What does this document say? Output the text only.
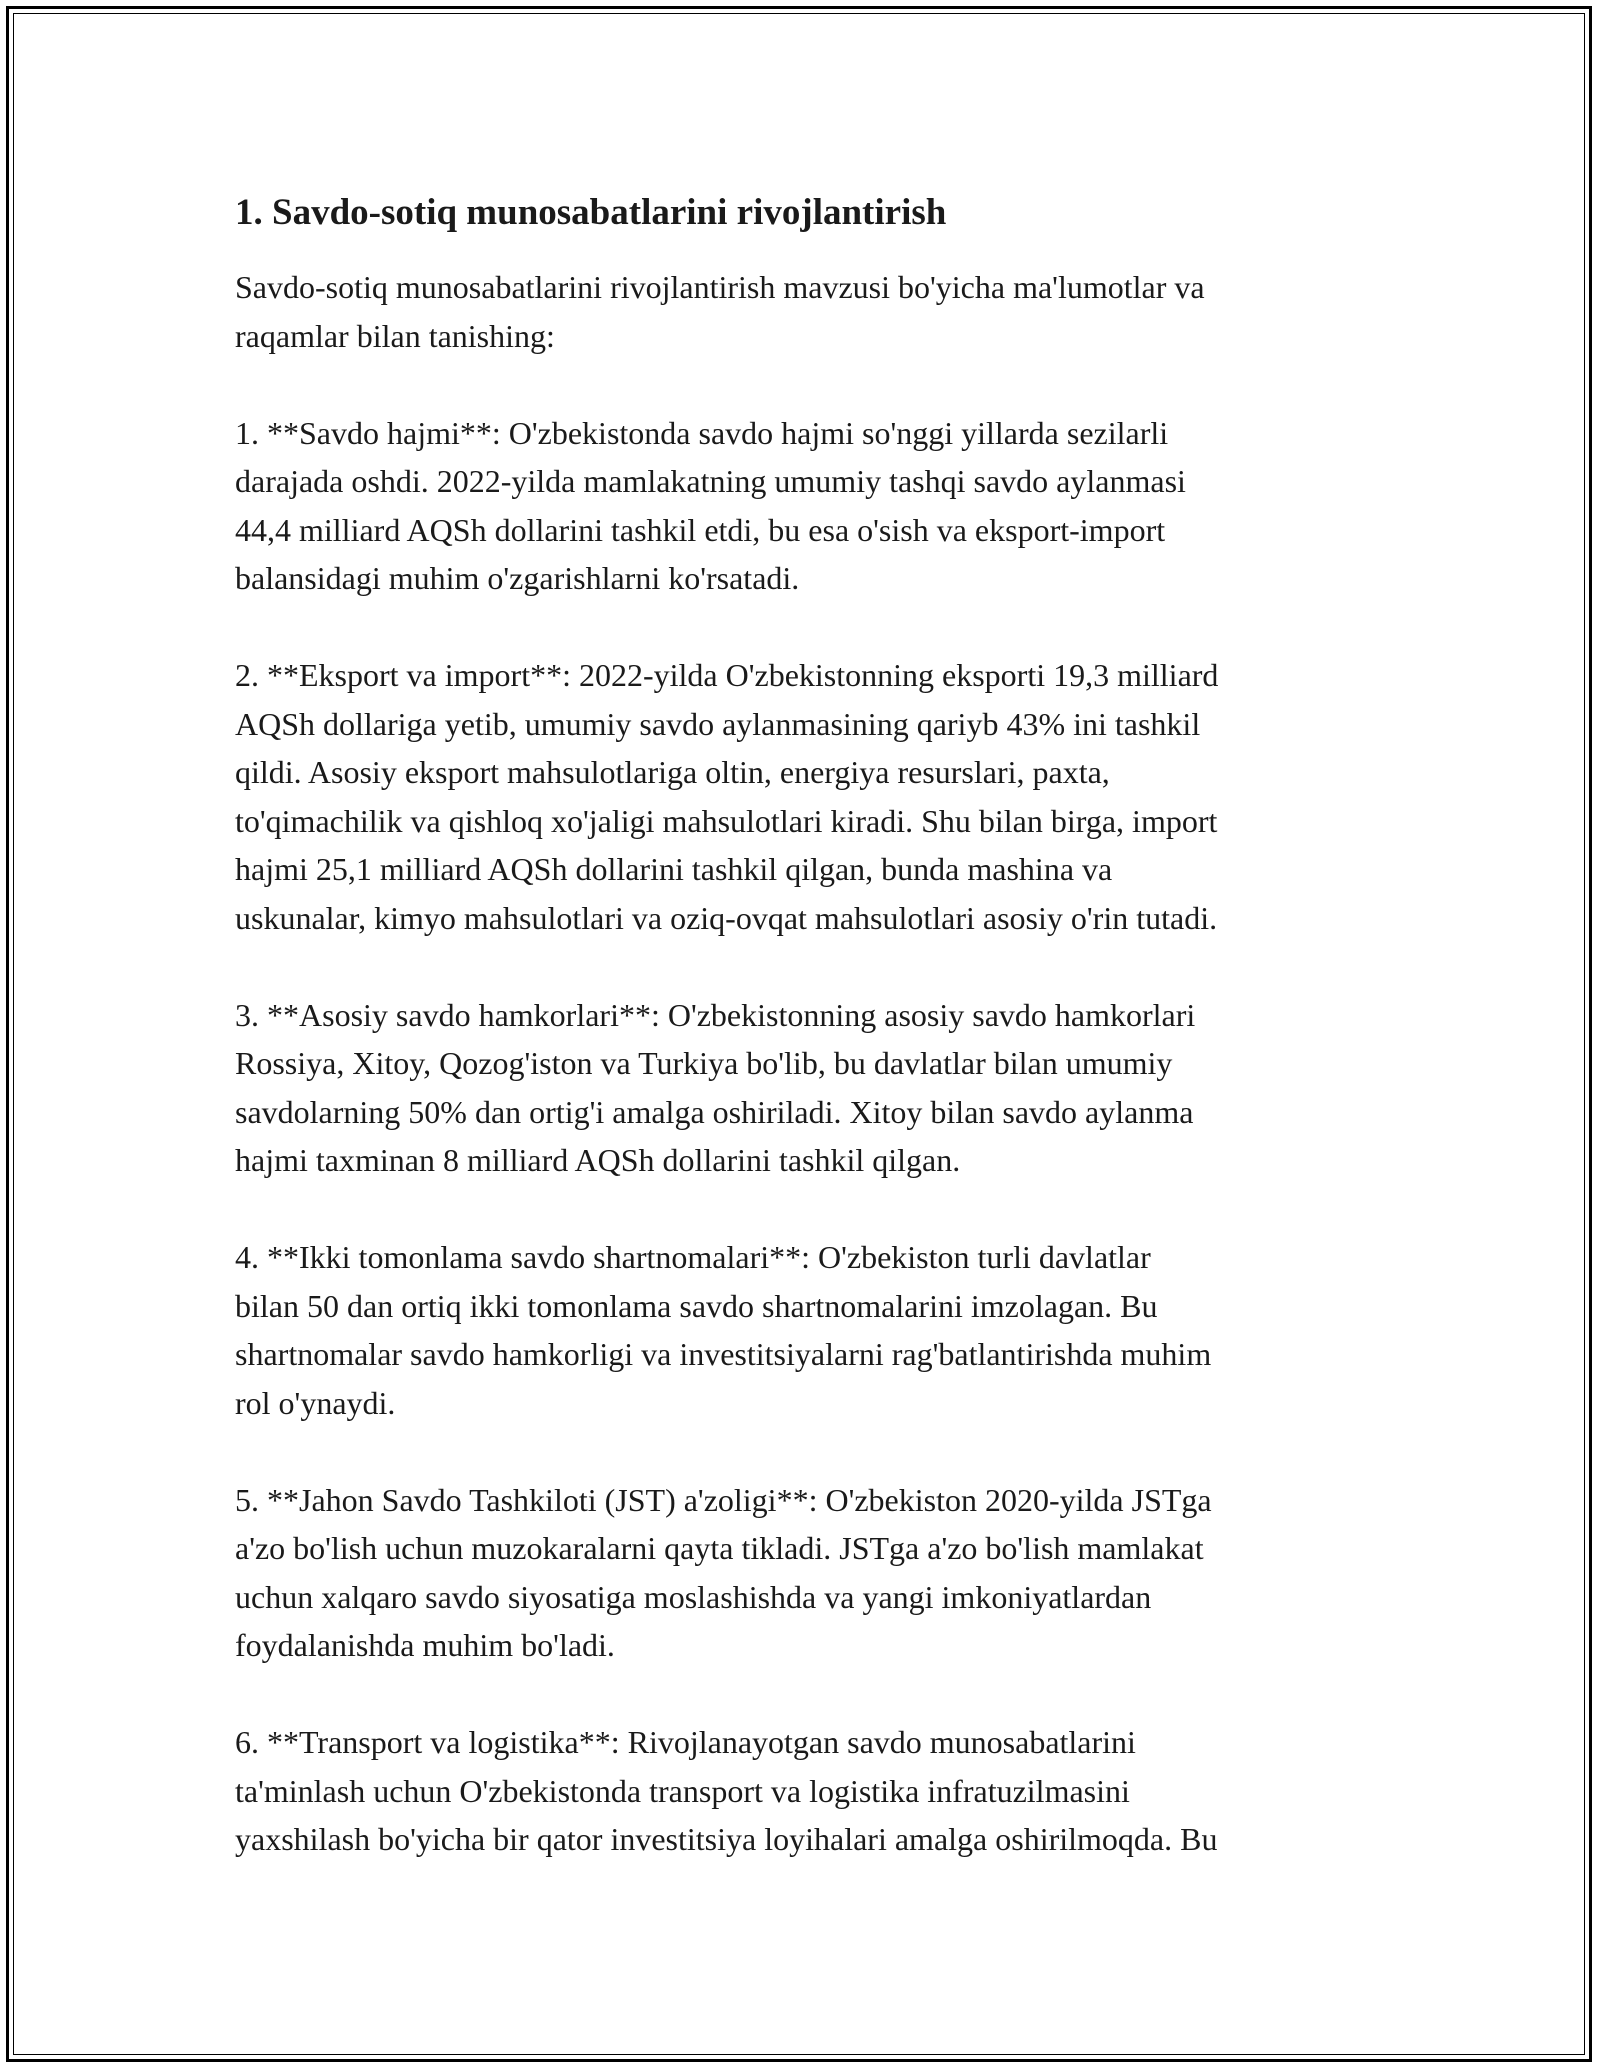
1. Savdo-sotiq munosabatlarini rivojlantirish

Savdo-sotiq munosabatlarini rivojlantirish mavzusi bo'yicha ma'lumotlar va
raqamlar bilan tanishing:

1. **Savdo hajmi**: O'zbekistonda savdo hajmi so'nggi yillarda sezilarli
darajada oshdi. 2022-yilda mamlakatning umumiy tashqi savdo aylanmasi
44,4 milliard AQSh dollarini tashkil etdi, bu esa o'sish va eksport-import
balansidagi muhim o'zgarishlarni ko'rsatadi.

2. **Eksport va import**: 2022-yilda O'zbekistonning eksporti 19,3 milliard
AQSh dollariga yetib, umumiy savdo aylanmasining qariyb 43% ini tashkil
qildi. Asosiy eksport mahsulotlariga oltin, energiya resurslari, paxta,
to'qimachilik va qishloq xo'jaligi mahsulotlari kiradi. Shu bilan birga, import
hajmi 25,1 milliard AQSh dollarini tashkil qilgan, bunda mashina va
uskunalar, kimyo mahsulotlari va oziq-ovqat mahsulotlari asosiy o'rin tutadi.

3. **Asosiy savdo hamkorlari**: O'zbekistonning asosiy savdo hamkorlari
Rossiya, Xitoy, Qozog'iston va Turkiya bo'lib, bu davlatlar bilan umumiy
savdolarning 50% dan ortig'i amalga oshiriladi. Xitoy bilan savdo aylanma
hajmi taxminan 8 milliard AQSh dollarini tashkil qilgan.

4. **Ikki tomonlama savdo shartnomalari**: O'zbekiston turli davlatlar
bilan 50 dan ortiq ikki tomonlama savdo shartnomalarini imzolagan. Bu
shartnomalar savdo hamkorligi va investitsiyalarni rag'batlantirishda muhim
rol o'ynaydi.

5. **Jahon Savdo Tashkiloti (JST) a'zoligi**: O'zbekiston 2020-yilda JSTga
a'zo bo'lish uchun muzokaralarni qayta tikladi. JSTga a'zo bo'lish mamlakat
uchun xalqaro savdo siyosatiga moslashishda va yangi imkoniyatlardan
foydalanishda muhim bo'ladi.

6. **Transport va logistika**: Rivojlanayotgan savdo munosabatlarini
ta'minlash uchun O'zbekistonda transport va logistika infratuzilmasini
yaxshilash bo'yicha bir qator investitsiya loyihalari amalga oshirilmoqda. Bu
